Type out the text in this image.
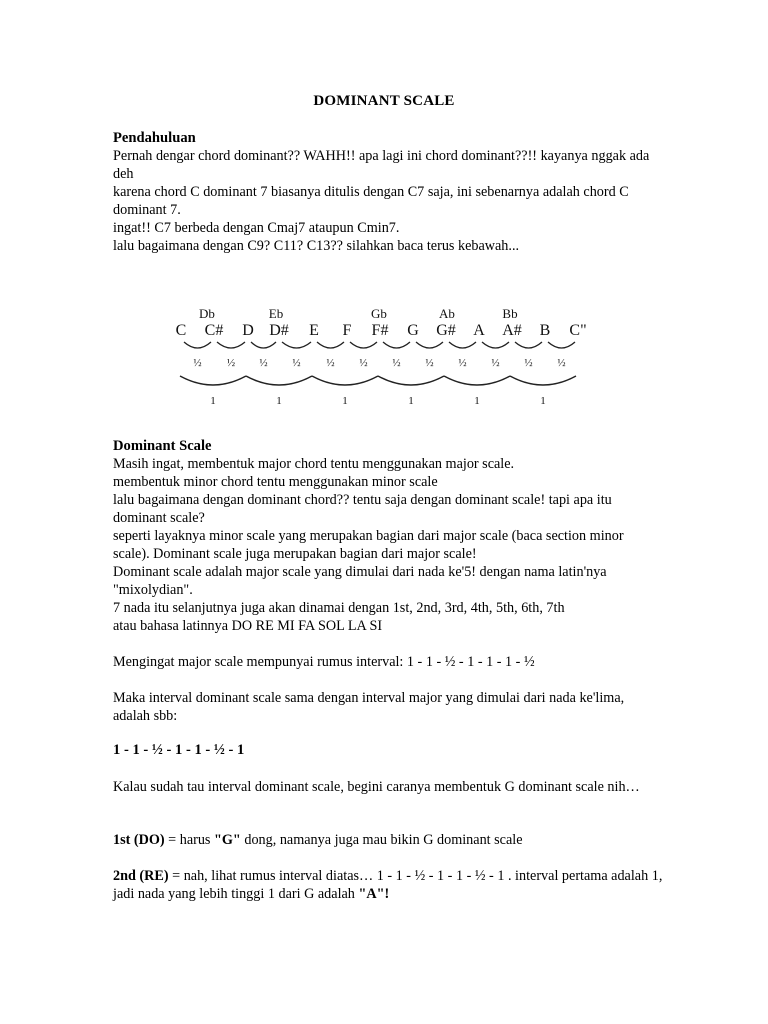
DOMINANT SCALE

Pendahuluan

Pernah dengar chord dominant?? WAHH!! apa lagi ini chord dominant??!! kayanya nggak ada deh

karena chord C dominant 7 biasanya ditulis dengan C7 saja, ini sebenarnya adalah chord C dominant 7.

ingat!! C7 berbeda dengan Cmaj7 ataupun Cmin7.

lalu bagaimana dengan C9? C11? C13?? silahkan baca terus kebawah...

Db	Eb	Gb	Ab	Bb
C C# D D# E F F# G G# A A# B C"
½ ½ ½ ½ ½ ½ ½ ½ ½ ½ ½ ½
1	1	1	1	1	1

Dominant Scale

Masih ingat, membentuk major chord tentu menggunakan major scale.

membentuk minor chord tentu menggunakan minor scale

lalu bagaimana dengan dominant chord?? tentu saja dengan dominant scale! tapi apa itu dominant scale?

seperti layaknya minor scale yang merupakan bagian dari major scale (baca section minor scale). Dominant scale juga merupakan bagian dari major scale!

Dominant scale adalah major scale yang dimulai dari nada ke'5! dengan nama latin'nya "mixolydian".

7 nada itu selanjutnya juga akan dinamai dengan 1st, 2nd, 3rd, 4th, 5th, 6th, 7th

atau bahasa latinnya DO RE MI FA SOL LA SI

Mengingat major scale mempunyai rumus interval: 1 - 1 - ½ - 1 - 1 - 1 - ½

Maka interval dominant scale sama dengan interval major yang dimulai dari nada ke'lima, adalah sbb:

1 - 1 - ½ - 1 - 1 - ½ - 1

Kalau sudah tau interval dominant scale, begini caranya membentuk G dominant scale nih…

1st (DO) = harus "G" dong, namanya juga mau bikin G dominant scale

2nd (RE) = nah, lihat rumus interval diatas… 1 - 1 - ½ - 1 - 1 - ½ - 1 . interval pertama adalah 1, jadi nada yang lebih tinggi 1 dari G adalah "A"!
